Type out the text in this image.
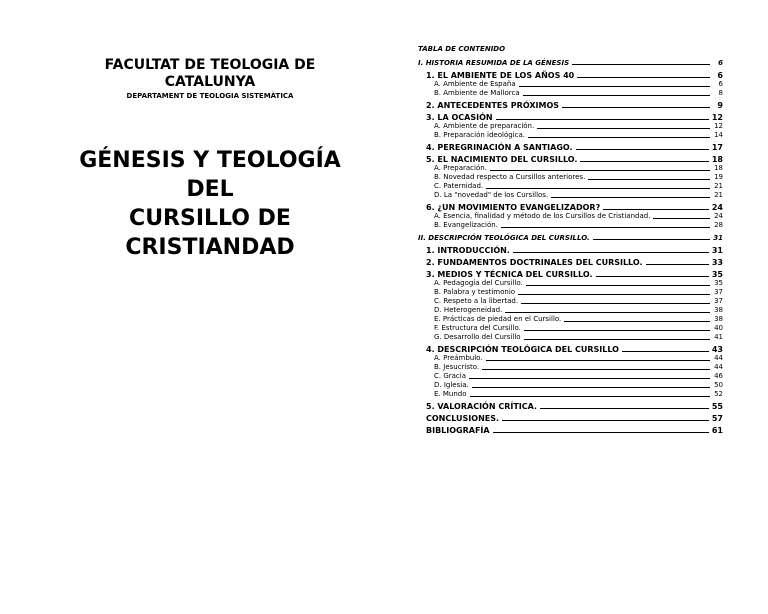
FACULTAT DE TEOLOGIA DE
CATALUNYA
DEPARTAMENT DE TEOLOGIA SISTEMÀTICA
GÉNESIS Y TEOLOGÍA
DEL
CURSILLO DE
CRISTIANDAD
TABLA DE CONTENIDO
I. HISTORIA RESUMIDA DE LA GÉNESIS	6
1. EL AMBIENTE DE LOS AÑOS 40	6
A. Ambiente de España	6
B. Ambiente de Mallorca	8
2. ANTECEDENTES PRÓXIMOS	9
3. LA OCASIÓN	12
A. Ambiente de preparación.	12
B. Preparación ideológica.	14
4. PEREGRINACIÓN A SANTIAGO.	17
5. EL NACIMIENTO DEL CURSILLO.	18
A. Preparación.	18
B. Novedad respecto a Cursillos anteriores.	19
C. Paternidad.	21
D. La "novedad" de los Cursillos.	21
6. ¿UN MOVIMIENTO EVANGELIZADOR?	24
A. Esencia, finalidad y método de los Cursillos de Cristiandad.	24
B. Evangelización.	28
II. DESCRIPCIÓN TEOLÓGICA DEL CURSILLO.	31
1. INTRODUCCIÓN.	31
2. FUNDAMENTOS DOCTRINALES DEL CURSILLO.	33
3. MEDIOS Y TÉCNICA DEL CURSILLO.	35
A. Pedagogía del Cursillo.	35
B. Palabra y testimonio	37
C. Respeto a la libertad.	37
D. Heterogeneidad.	38
E. Prácticas de piedad en el Cursillo.	38
F. Estructura del Cursillo.	40
G. Desarrollo del Cursillo	41
4. DESCRIPCIÓN TEOLÓGICA DEL CURSILLO	43
A. Preámbulo.	44
B. Jesucristo.	44
C. Gracia	46
D. Iglesia.	50
E. Mundo	52
5. VALORACIÓN CRÍTICA.	55
CONCLUSIONES.	57
BIBLIOGRAFÍA	61
